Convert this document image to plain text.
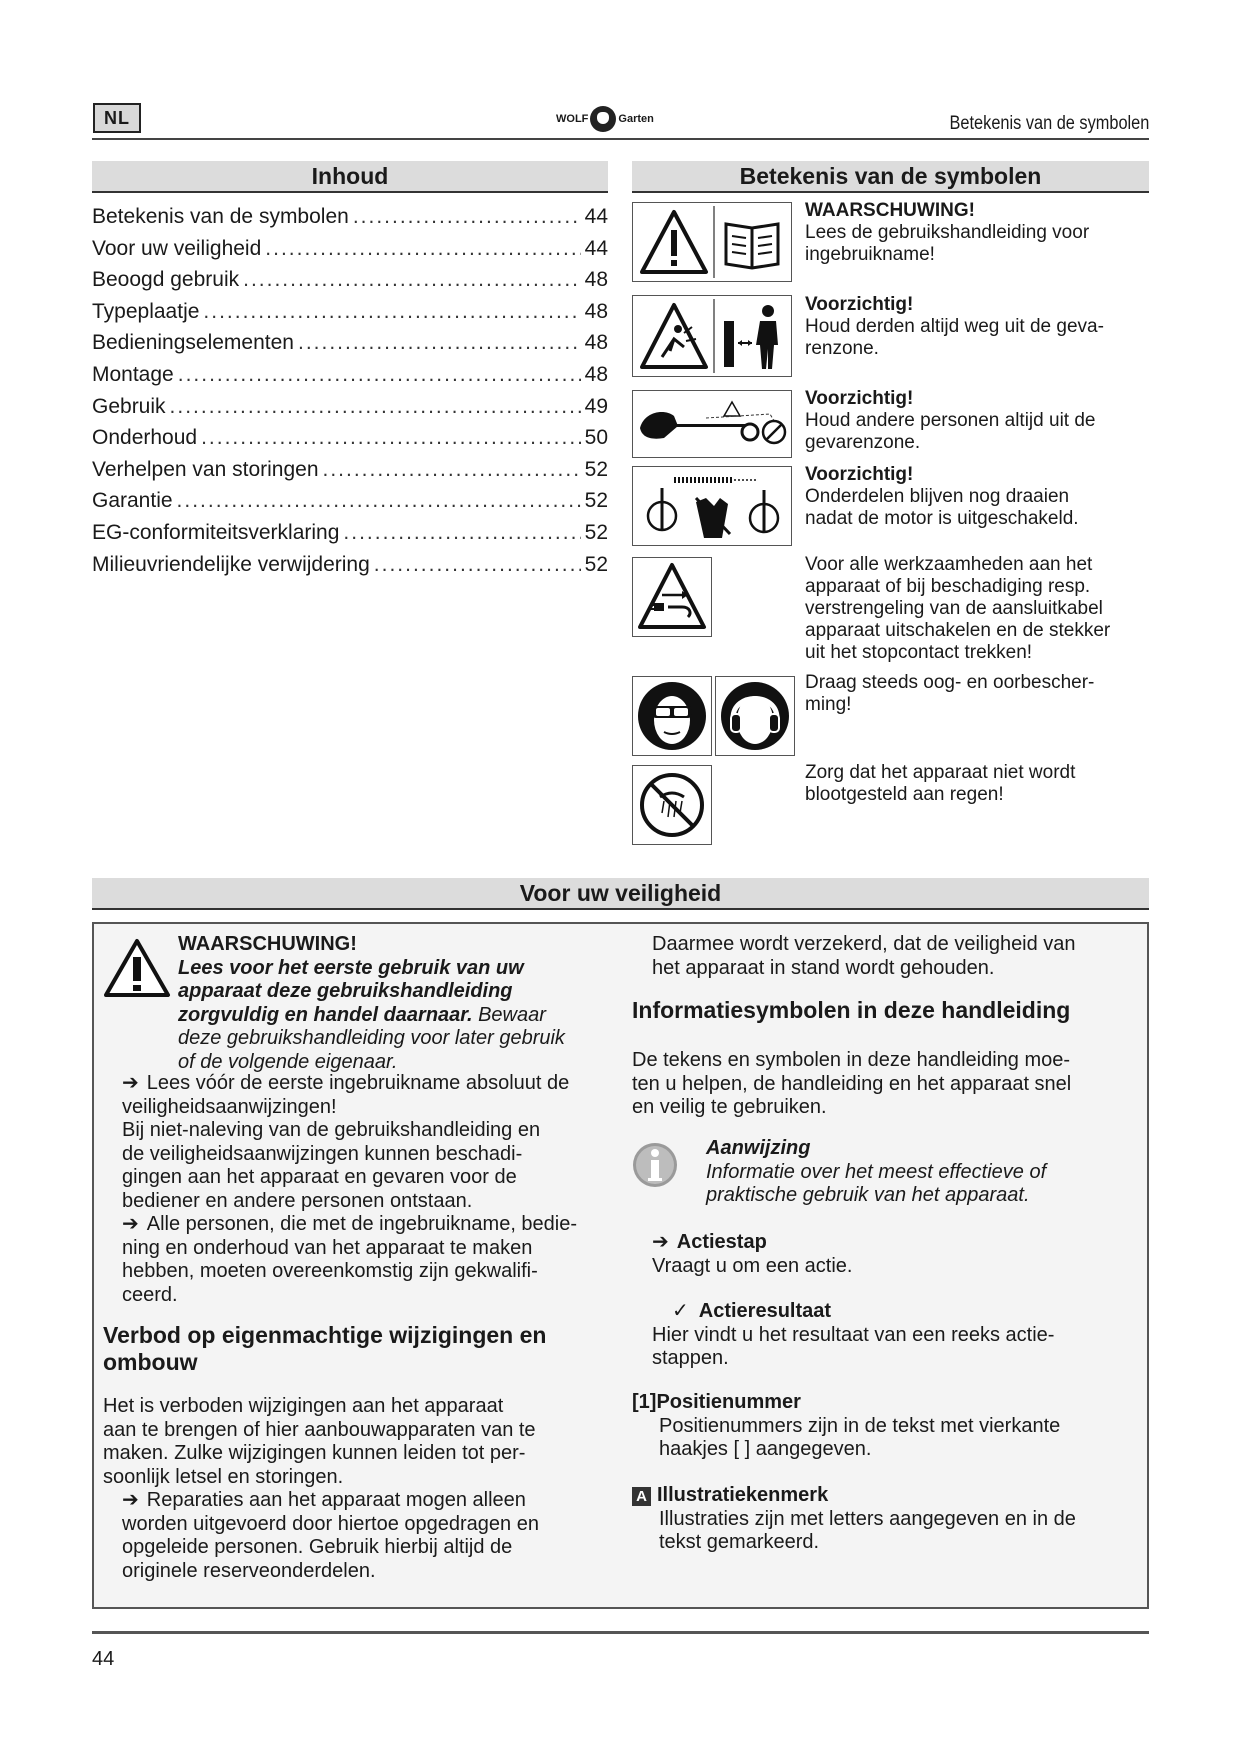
NL	WOLF	Garten	Betekenis van de symbolen
Inhoud
Betekenis van de symbolen .....	44
Voor uw veiligheid .....	44
Beoogd gebruik .....	48
Typeplaatje .....	48
Bedieningselementen .....	48
Montage .....	48
Gebruik .....	49
Onderhoud .....	50
Verhelpen van storingen .....	52
Garantie .....	52
EG-conformiteitsverklaring .....	52
Milieuvriendelijke verwijdering .....	52
Betekenis van de symbolen
WAARSCHUWING!
Lees de gebruikshandleiding voor
ingebruikname!
Voorzichtig!
Houd derden altijd weg uit de geva-
renzone.
Voorzichtig!
Houd andere personen altijd uit de
gevarenzone.
Voorzichtig!
Onderdelen blijven nog draaien
nadat de motor is uitgeschakeld.
Voor alle werkzaamheden aan het
apparaat of bij beschadiging resp.
verstrengeling van de aansluitkabel
apparaat uitschakelen en de stekker
uit het stopcontact trekken!
Draag steeds oog- en oorbescher-
ming!
Zorg dat het apparaat niet wordt
blootgesteld aan regen!
Voor uw veiligheid
WAARSCHUWING!
Lees voor het eerste gebruik van uw
apparaat deze gebruikshandleiding
zorgvuldig en handel daarnaar. Bewaar
deze gebruikshandleiding voor later gebruik
of de volgende eigenaar.
➔ Lees vóór de eerste ingebruikname absoluut de
veiligheidsaanwijzingen!
Bij niet-naleving van de gebruikshandleiding en
de veiligheidsaanwijzingen kunnen beschadi-
gingen aan het apparaat en gevaren voor de
bediener en andere personen ontstaan.
➔ Alle personen, die met de ingebruikname, bedie-
ning en onderhoud van het apparaat te maken
hebben, moeten overeenkomstig zijn gekwalifi-
ceerd.
Verbod op eigenmachtige wijzigingen en
ombouw
Het is verboden wijzigingen aan het apparaat
aan te brengen of hier aanbouwapparaten van te
maken. Zulke wijzigingen kunnen leiden tot per-
soonlijk letsel en storingen.
➔ Reparaties aan het apparaat mogen alleen
worden uitgevoerd door hiertoe opgedragen en
opgeleide personen. Gebruik hierbij altijd de
originele reserveonderdelen.
Daarmee wordt verzekerd, dat de veiligheid van
het apparaat in stand wordt gehouden.
Informatiesymbolen in deze handleiding
De tekens en symbolen in deze handleiding moe-
ten u helpen, de handleiding en het apparaat snel
en veilig te gebruiken.
Aanwijzing
Informatie over het meest effectieve of
praktische gebruik van het apparaat.
➔ Actiestap
Vraagt u om een actie.
✓ Actieresultaat
Hier vindt u het resultaat van een reeks actie-
stappen.
[1]Positienummer
Positienummers zijn in de tekst met vierkante
haakjes [ ] aangegeven.
A Illustratiekenmerk
Illustraties zijn met letters aangegeven en in de
tekst gemarkeerd.
44
